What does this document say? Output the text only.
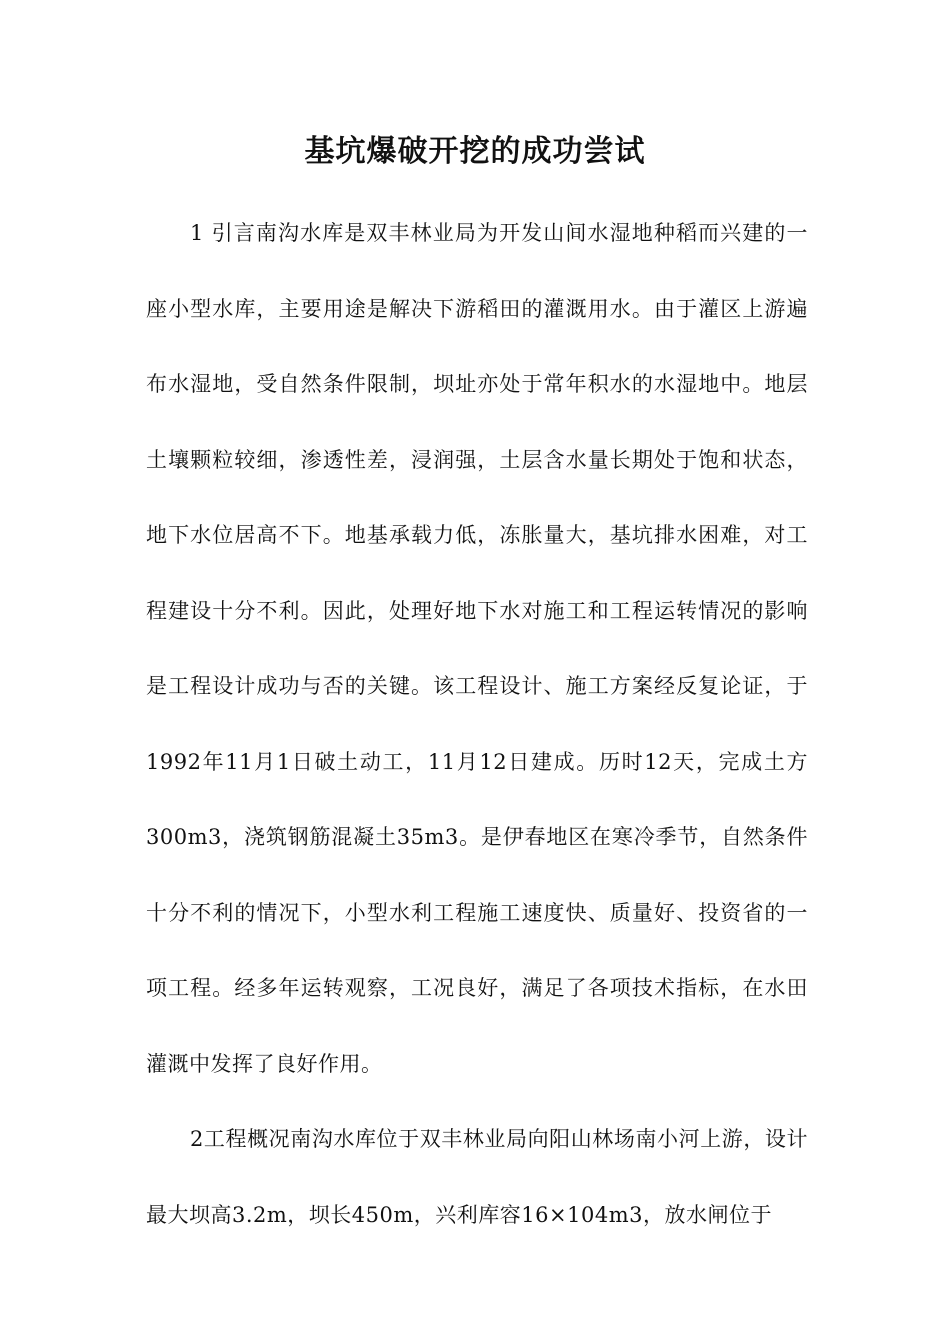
基坑爆破开挖的成功尝试

1 引言南沟水库是双丰林业局为开发山间水湿地种稻而兴建的一座小型水库，主要用途是解决下游稻田的灌溉用水。由于灌区上游遍布水湿地，受自然条件限制，坝址亦处于常年积水的水湿地中。地层土壤颗粒较细，渗透性差，浸润强，土层含水量长期处于饱和状态，地下水位居高不下。地基承载力低，冻胀量大，基坑排水困难，对工程建设十分不利。因此，处理好地下水对施工和工程运转情况的影响是工程设计成功与否的关键。该工程设计、施工方案经反复论证，于1992年11月1日破土动工，11月12日建成。历时12天，完成土方300m3，浇筑钢筋混凝土35m3。是伊春地区在寒冷季节，自然条件十分不利的情况下，小型水利工程施工速度快、质量好、投资省的一项工程。经多年运转观察，工况良好，满足了各项技术指标，在水田灌溉中发挥了良好作用。

2工程概况南沟水库位于双丰林业局向阳山林场南小河上游，设计最大坝高3.2m，坝长450m，兴利库容16×104m3，放水闸位于
